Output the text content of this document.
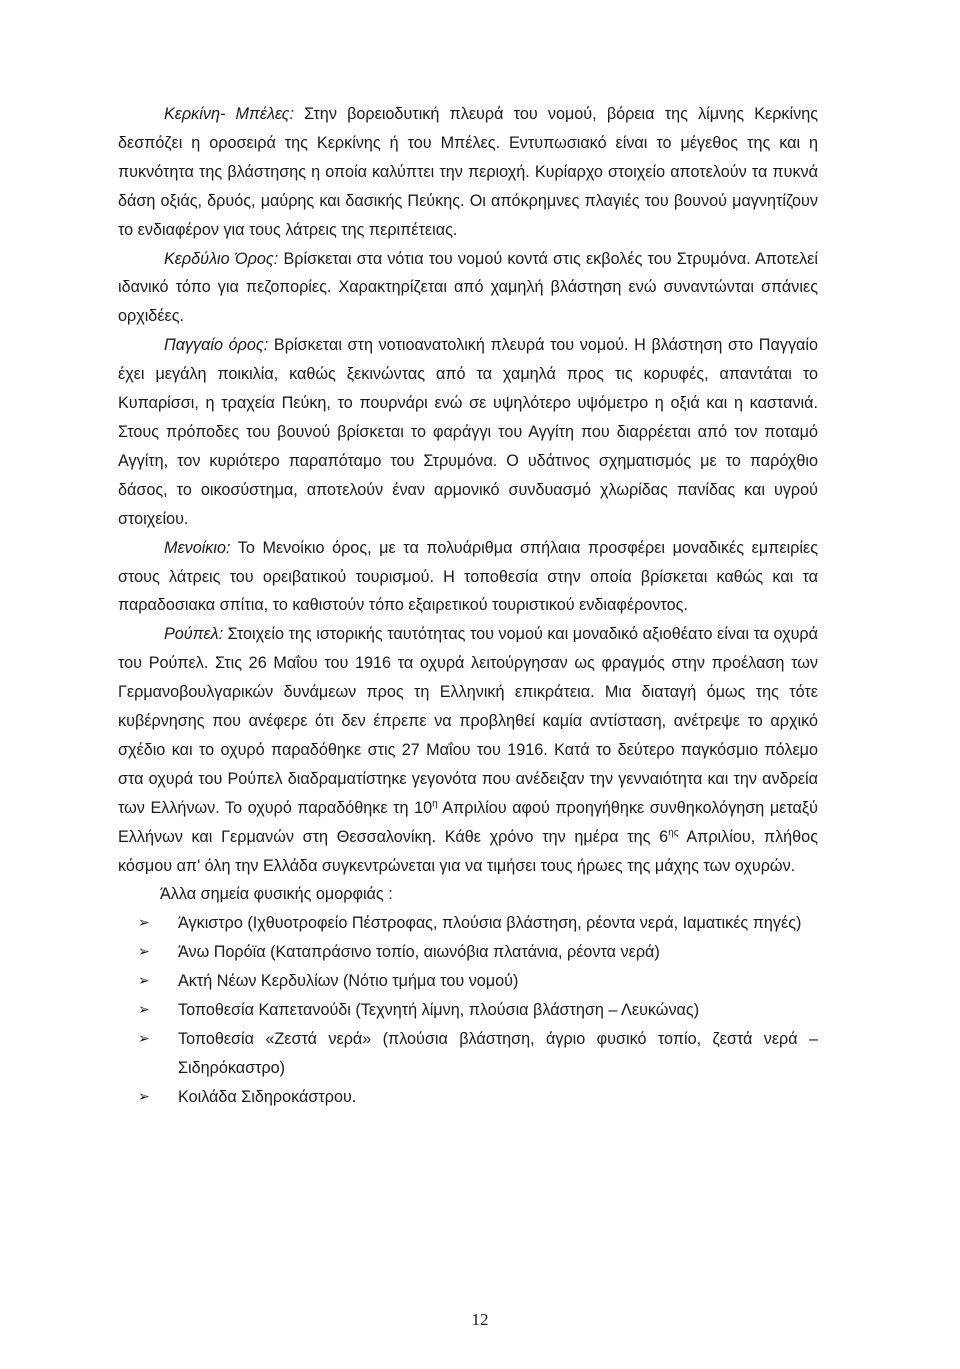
Κερκίνη- Μπέλες: Στην βορειοδυτική πλευρά του νομού, βόρεια της λίμνης Κερκίνης δεσπόζει η οροσειρά της Κερκίνης ή του Μπέλες. Εντυπωσιακό είναι το μέγεθος της και η πυκνότητα της βλάστησης η οποία καλύπτει την περιοχή. Κυρίαρχο στοιχείο αποτελούν τα πυκνά δάση οξιάς, δρυός, μαύρης και δασικής Πεύκης. Οι απόκρημνες πλαγιές του βουνού μαγνητίζουν το ενδιαφέρον για τους λάτρεις της περιπέτειας.

Κερδύλιο Όρος: Βρίσκεται στα νότια του νομού κοντά στις εκβολές του Στρυμόνα. Αποτελεί ιδανικό τόπο για πεζοπορίες. Χαρακτηρίζεται από χαμηλή βλάστηση ενώ συναντώνται σπάνιες ορχιδέες.

Παγγαίο όρος: Βρίσκεται στη νοτιοανατολική πλευρά του νομού. Η βλάστηση στο Παγγαίο έχει μεγάλη ποικιλία, καθώς ξεκινώντας από τα χαμηλά προς τις κορυφές, απαντάται το Κυπαρίσσι, η τραχεία Πεύκη, το πουρνάρι ενώ σε υψηλότερο υψόμετρο η οξιά και η καστανιά. Στους πρόποδες του βουνού βρίσκεται το φαράγγι του Αγγίτη που διαρρέεται από τον ποταμό Αγγίτη, τον κυριότερο παραπόταμο του Στρυμόνα. Ο υδάτινος σχηματισμός με το παρόχθιο δάσος, το οικοσύστημα, αποτελούν έναν αρμονικό συνδυασμό χλωρίδας πανίδας και υγρού στοιχείου.

Μενοίκιο: Το Μενοίκιο όρος, με τα πολυάριθμα σπήλαια προσφέρει μοναδικές εμπειρίες στους λάτρεις του ορειβατικού τουρισμού. Η τοποθεσία στην οποία βρίσκεται καθώς και τα παραδοσιακα σπίτια, το καθιστούν τόπο εξαιρετικού τουριστικού ενδιαφέροντος.

Ρούπελ: Στοιχείο της ιστορικής ταυτότητας του νομού και μοναδικό αξιοθέατο είναι τα οχυρά του Ρούπελ. Στις 26 Μαΐου του 1916 τα οχυρά λειτούργησαν ως φραγμός στην προέλαση των Γερμανοβουλγαρικών δυνάμεων προς τη Ελληνική επικράτεια. Μια διαταγή όμως της τότε κυβέρνησης που ανέφερε ότι δεν έπρεπε να προβληθεί καμία αντίσταση, ανέτρεψε το αρχικό σχέδιο και το οχυρό παραδόθηκε στις 27 Μαΐου του 1916. Κατά το δεύτερο παγκόσμιο πόλεμο στα οχυρά του Ρούπελ διαδραματίστηκε γεγονότα που ανέδειξαν την γενναιότητα και την ανδρεία των Ελλήνων. Το οχυρό παραδόθηκε τη $10^\eta$ Απριλίου αφού προηγήθηκε συνθηκολόγηση μεταξύ Ελλήνων και Γερμανών στη Θεσσαλονίκη. Κάθε χρόνο την ημέρα της $6^{\eta\varsigma}$ Απριλίου, πλήθος κόσμου απ' όλη την Ελλάδα συγκεντρώνεται για να τιμήσει τους ήρωες της μάχης των οχυρών.

Άλλα σημεία φυσικής ομορφιάς :

➢	Άγκιστρο (Ιχθυοτροφείο Πέστροφας, πλούσια βλάστηση, ρέοντα νερά, Ιαματικές πηγές)
➢	Άνω Πορόϊα (Καταπράσινο τοπίο, αιωνόβια πλατάνια, ρέοντα νερά)
➢	Ακτή Νέων Κερδυλίων (Νότιο τμήμα του νομού)
➢	Τοποθεσία Καπετανούδι (Τεχνητή λίμνη, πλούσια βλάστηση – Λευκώνας)
➢	Τοποθεσία «Ζεστά νερά» (πλούσια βλάστηση, άγριο φυσικό τοπίο, ζεστά νερά – Σιδηρόκαστρο)
➢	Κοιλάδα Σιδηροκάστρου.
12
